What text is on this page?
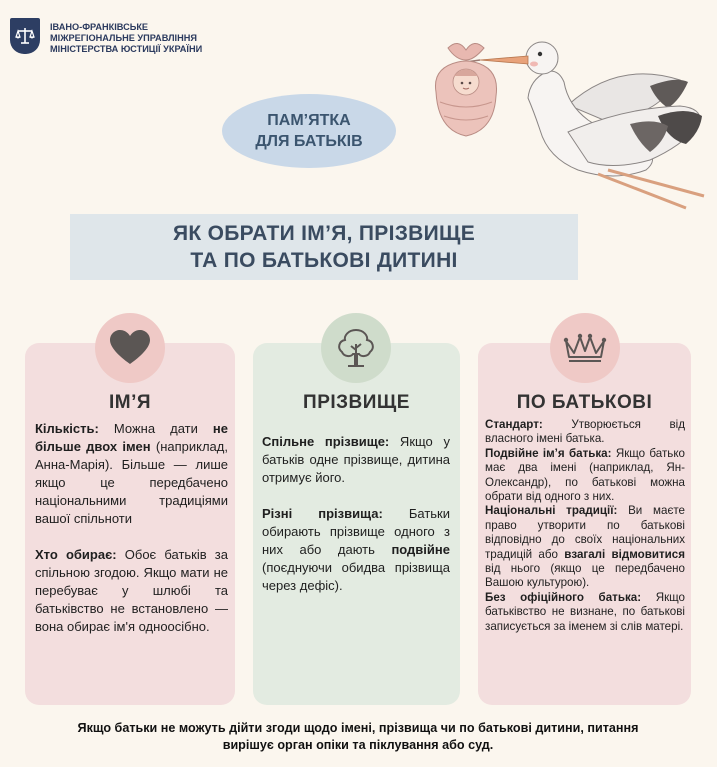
ІВАНО-ФРАНКІВСЬКЕ
МІЖРЕГІОНАЛЬНЕ УПРАВЛІННЯ
МІНІСТЕРСТВА ЮСТИЦІЇ УКРАЇНИ
ПАМ’ЯТКА
ДЛЯ БАТЬКІВ
ЯК ОБРАТИ ІМ’Я, ПРІЗВИЩЕ
ТА ПО БАТЬКОВІ ДИТИНІ
ІМ’Я	ПРІЗВИЩЕ	ПО БАТЬКОВІ

Кількість: Можна дати не більше двох імен (наприклад, Анна-Марія). Більше — лише якщо це передбачено національними традиціями вашої спільноти

Хто обирає: Обоє батьків за спільною згодою. Якщо мати не перебуває у шлюбі та батьківство не встановлено — вона обирає ім'я одноосібно.

Спільне прізвище: Якщо у батьків одне прізвище, дитина отримує його.

Різні прізвища: Батьки обирають прізвище одного з них або дають подвійне (поєднуючи обидва прізвища через дефіс).

Стандарт: Утворюється від власного імені батька.

Подвійне ім’я батька: Якщо батько має два імені (наприклад, Ян-Олександр), по батькові можна обрати від одного з них.

Національні традиції: Ви маєте право утворити по батькові відповідно до своїх національних традицій або взагалі відмовитися від нього (якщо це передбачено Вашою культурою).

Без офіційного батька: Якщо батьківство не визнане, по батькові записується за іменем зі слів матері.

Якщо батьки не можуть дійти згоди щодо імені, прізвища чи по батькові дитини, питання
вирішує орган опіки та піклування або суд.
